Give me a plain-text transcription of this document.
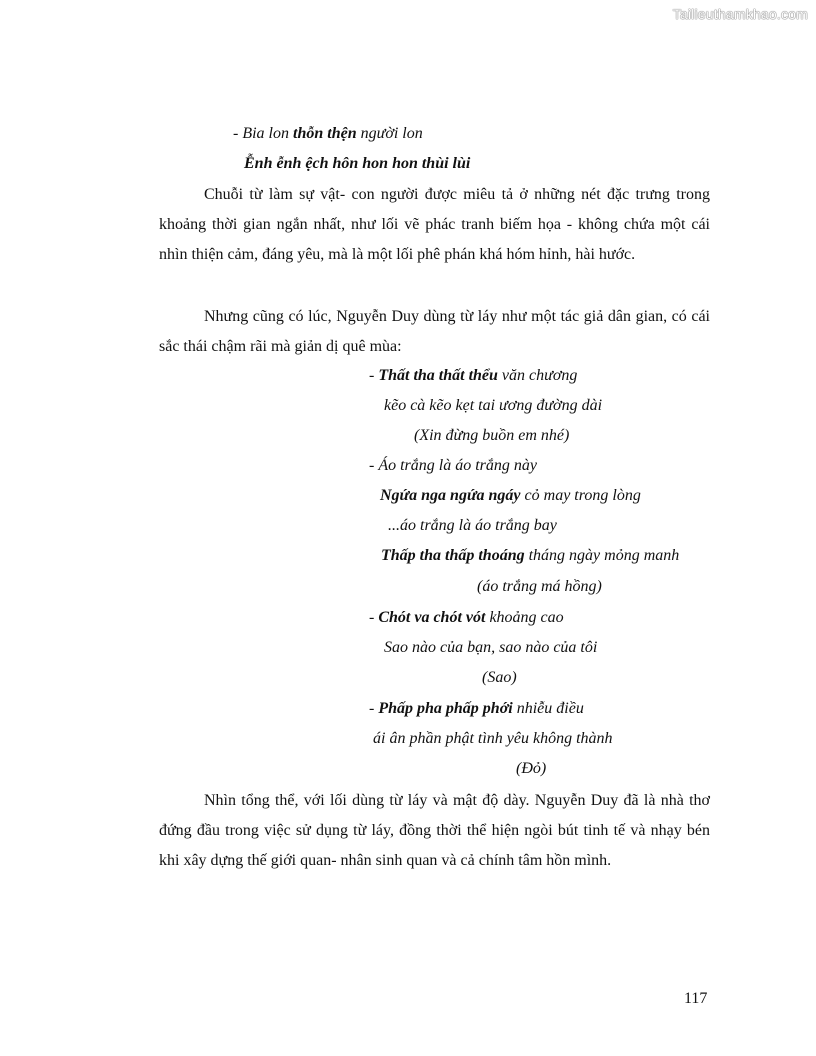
Tailieuthamkhao.com
- Bia lon thỗn thện người lon
Ễnh ễnh ệch hôn hon hon thùi lùi
Chuỗi từ làm sự vật- con người được miêu tả ở những nét đặc trưng trong khoảng thời gian ngắn nhất, như lối vẽ phác tranh biếm họa - không chứa một cái nhìn thiện cảm, đáng yêu, mà là một lối phê phán khá hóm hỉnh, hài hước.
Nhưng cũng có lúc, Nguyễn Duy dùng từ láy như một tác giả dân gian, có cái sắc thái chậm rãi mà giản dị quê mùa:
- Thất tha thất thểu văn chương
kẽo cà kẽo kẹt tai ương đường dài
(Xin đừng buồn em nhé)
- Áo trắng là áo trắng này
Ngứa nga ngứa ngáy cỏ may trong lòng
...áo trắng là áo trắng bay
Thấp tha thấp thoáng tháng ngày mỏng manh
(áo trắng má hồng)
- Chót va chót vót khoảng cao
Sao nào của bạn, sao nào của tôi
(Sao)
- Phấp pha phấp phới nhiễu điều
ái ân phần phật tình yêu không thành
(Đỏ)
Nhìn tổng thể, với lối dùng từ láy và mật độ dày. Nguyễn Duy đã là nhà thơ đứng đầu trong việc sử dụng từ láy, đồng thời thể hiện ngòi bút tinh tế và nhạy bén khi xây dựng thế giới quan- nhân sinh quan và cả chính tâm hồn mình.
117
